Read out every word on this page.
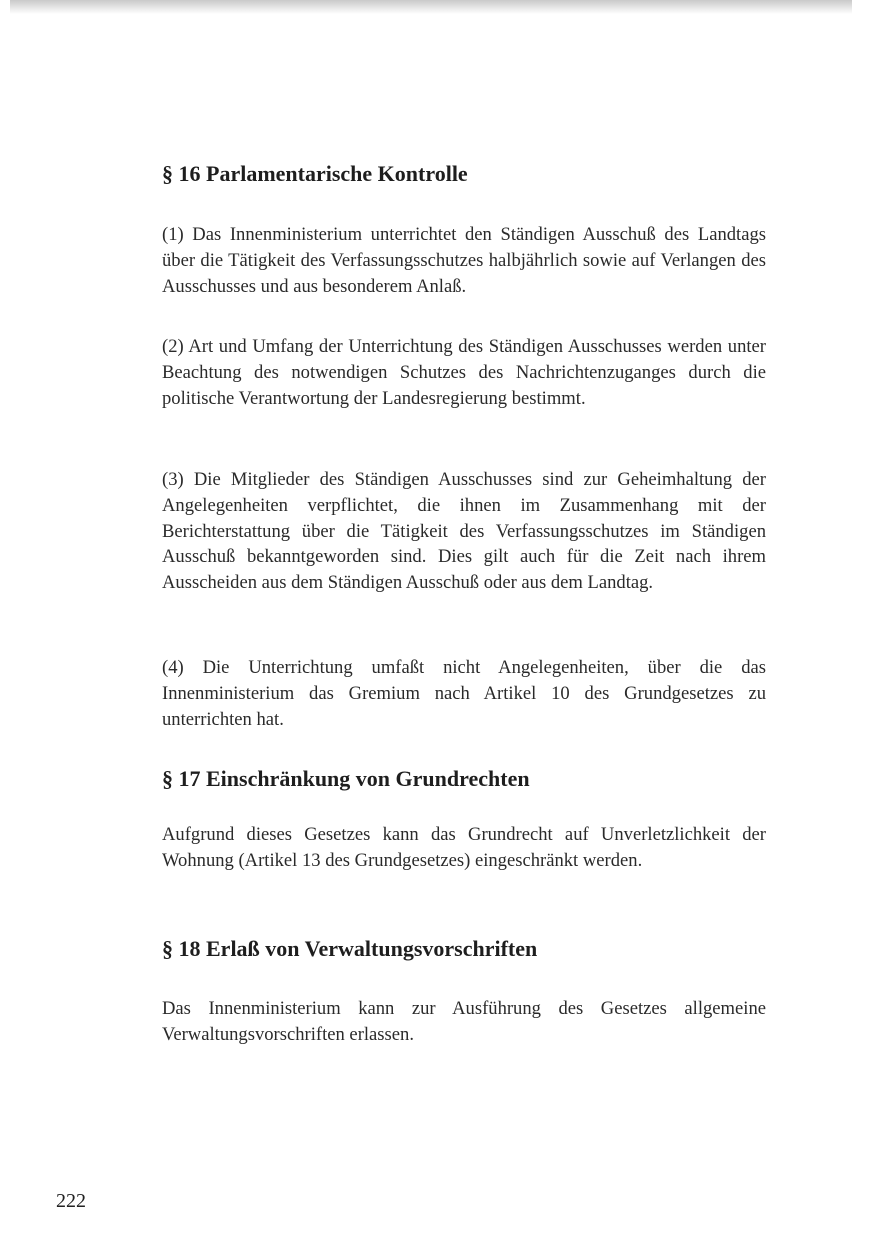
§ 16 Parlamentarische Kontrolle

(1) Das Innenministerium unterrichtet den Ständigen Ausschuß des Landtags über die Tätigkeit des Verfassungsschutzes halbjährlich sowie auf Verlangen des Ausschusses und aus besonderem Anlaß.

(2) Art und Umfang der Unterrichtung des Ständigen Ausschusses werden unter Beachtung des notwendigen Schutzes des Nachrichtenzuganges durch die politische Verantwortung der Landesregierung bestimmt.

(3) Die Mitglieder des Ständigen Ausschusses sind zur Geheimhaltung der Angelegenheiten verpflichtet, die ihnen im Zusammenhang mit der Berichterstattung über die Tätigkeit des Verfassungsschutzes im Ständigen Ausschuß bekanntgeworden sind. Dies gilt auch für die Zeit nach ihrem Ausscheiden aus dem Ständigen Ausschuß oder aus dem Landtag.

(4) Die Unterrichtung umfaßt nicht Angelegenheiten, über die das Innenministerium das Gremium nach Artikel 10 des Grundgesetzes zu unterrichten hat.

§ 17 Einschränkung von Grundrechten

Aufgrund dieses Gesetzes kann das Grundrecht auf Unverletzlichkeit der Wohnung (Artikel 13 des Grundgesetzes) eingeschränkt werden.

§ 18 Erlaß von Verwaltungsvorschriften

Das Innenministerium kann zur Ausführung des Gesetzes allgemeine Verwaltungsvorschriften erlassen.

222
